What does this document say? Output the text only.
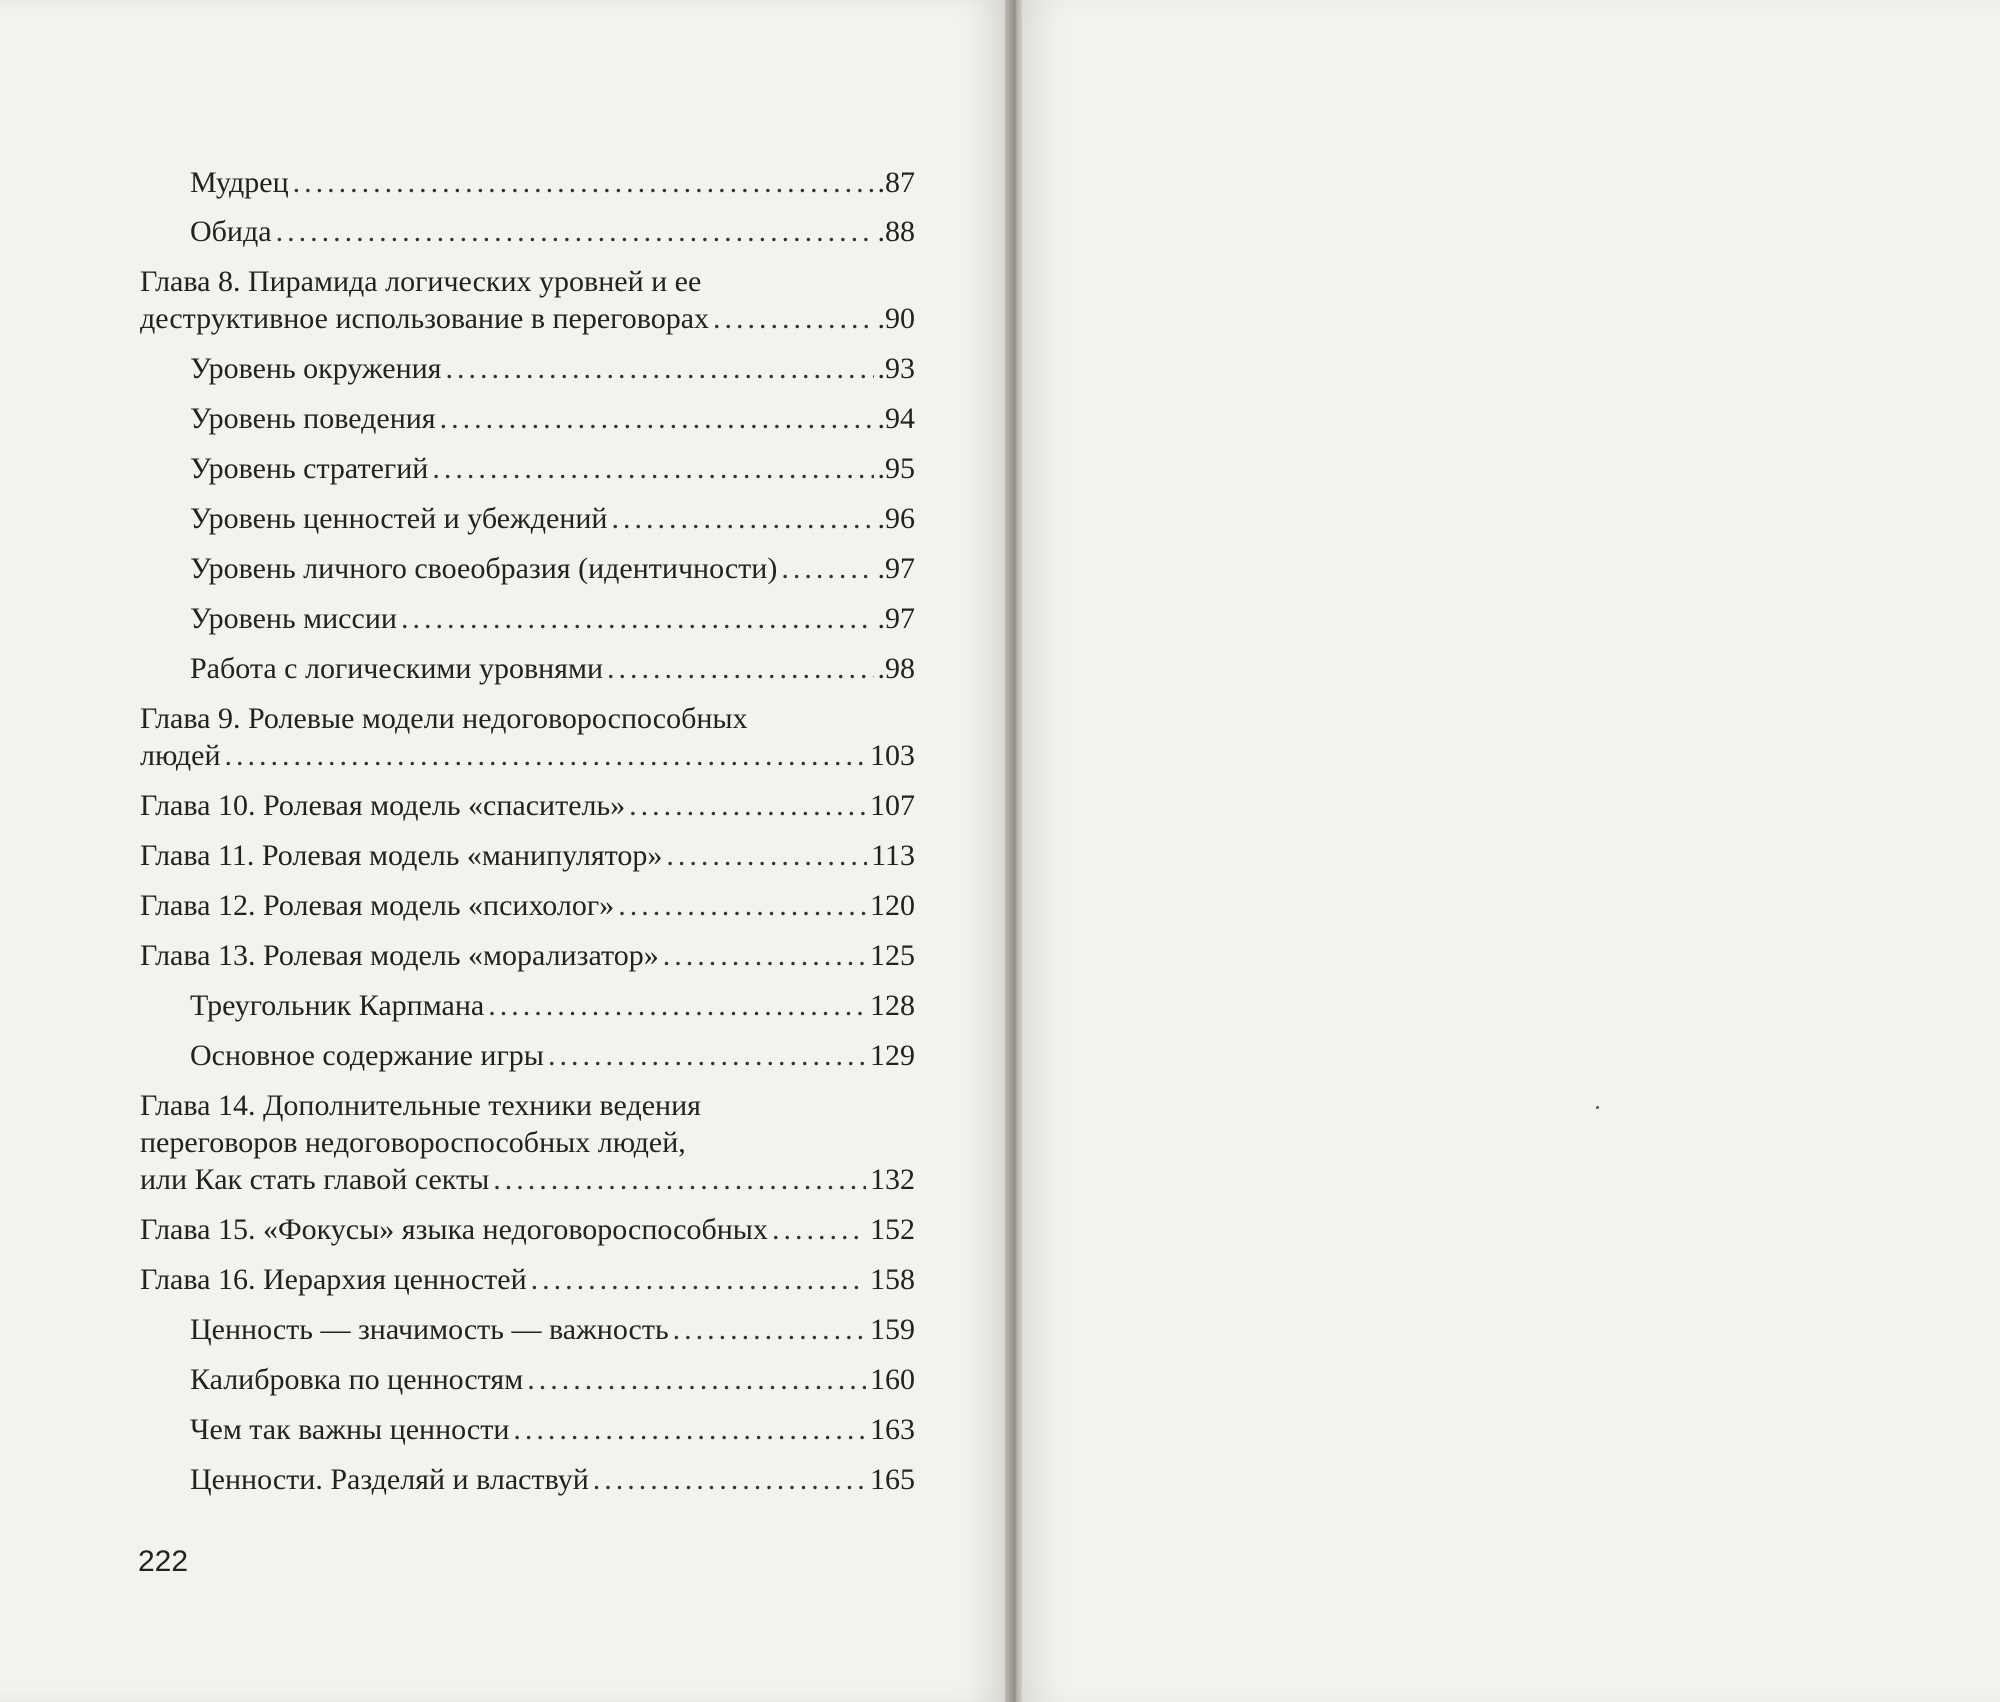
Мудрец .....	.87
Обида .....	.88
Глава 8. Пирамида логических уровней и ее
деструктивное использование в переговорах .....	.90
Уровень окружения .....	.93
Уровень поведения .....	.94
Уровень стратегий .....	.95
Уровень ценностей и убеждений .....	.96
Уровень личного своеобразия (идентичности) .....	.97
Уровень миссии .....	.97
Работа с логическими уровнями .....	.98
Глава 9. Ролевые модели недоговороспособных
людей .....	103
Глава 10. Ролевая модель «спаситель» .....	107
Глава 11. Ролевая модель «манипулятор» .....	113
Глава 12. Ролевая модель «психолог» .....	120
Глава 13. Ролевая модель «морализатор» .....	125
Треугольник Карпмана .....	128
Основное содержание игры .....	129
Глава 14. Дополнительные техники ведения
переговоров недоговороспособных людей,
или Как стать главой секты .....	132
Глава 15. «Фокусы» языка недоговороспособных .....	152
Глава 16. Иерархия ценностей .....	158
Ценность — значимость — важность .....	159
Калибровка по ценностям .....	160
Чем так важны ценности .....	163
Ценности. Разделяй и властвуй .....	165
222
